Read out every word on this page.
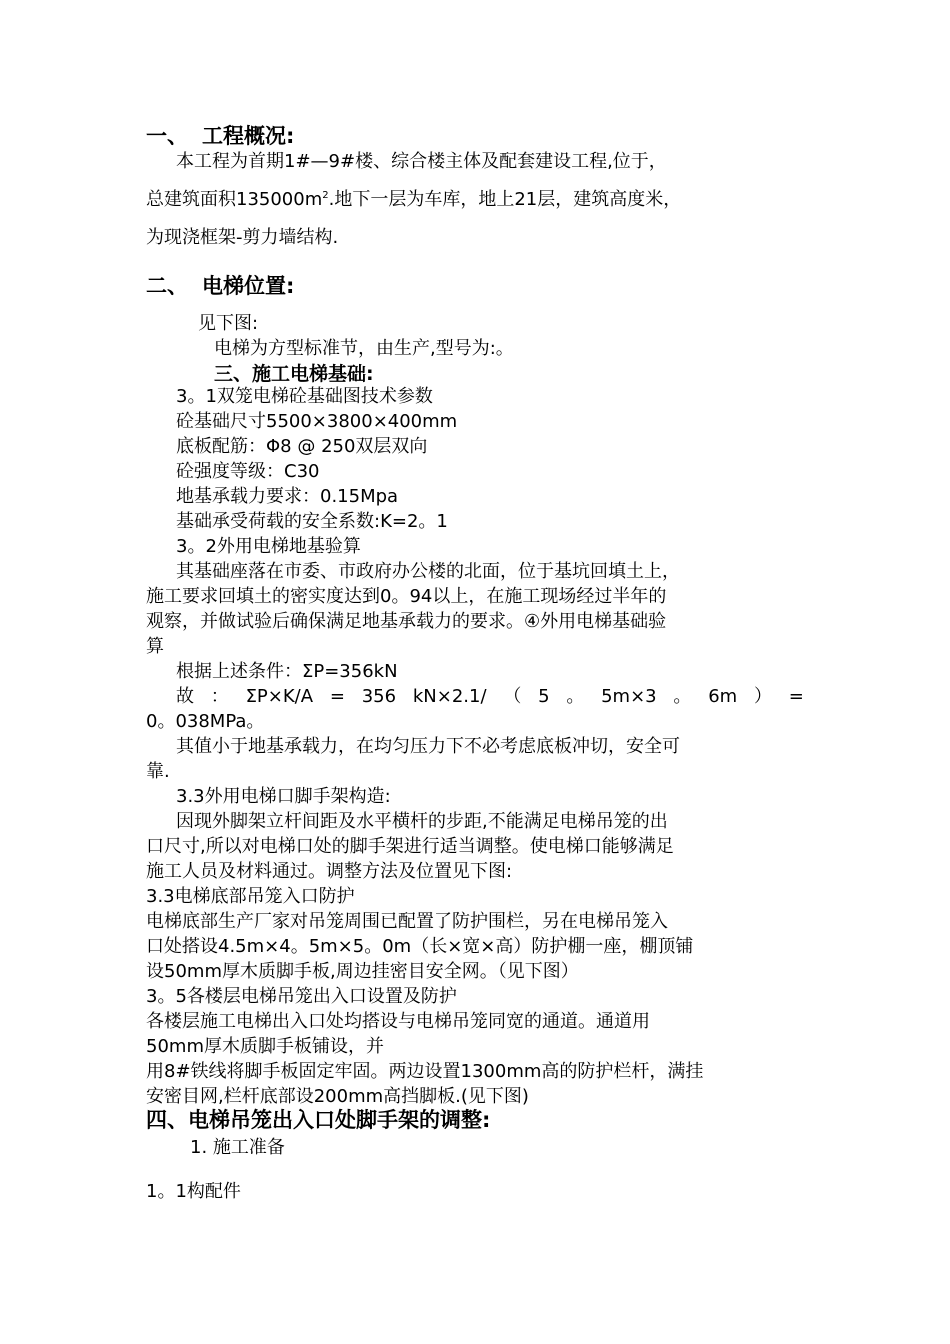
一、 工程概况:
本工程为首期1#—9#楼、综合楼主体及配套建设工程,位于，
总建筑面积$135000m^2$.地下一层为车库，地上21层，建筑高度米，
为现浇框架-剪力墙结构.
二、 电梯位置:
见下图:
电梯为方型标准节，由生产,型号为:。
三、施工电梯基础:
3。1双笼电梯砼基础图技术参数
砼基础尺寸5500×3800×400mm
底板配筋：Φ8 @ 250双层双向
砼强度等级：C30
地基承载力要求：0.15Mpa
基础承受荷载的安全系数:K=2。1
3。2外用电梯地基验算
其基础座落在市委、市政府办公楼的北面，位于基坑回填土上，
施工要求回填土的密实度达到0。94以上，在施工现场经过半年的
观察，并做试验后确保满足地基承载力的要求。④外用电梯基础验
算
根据上述条件：ΣP=356kN
故 ： ΣP×K/A = 356 kN×2.1/ （ 5 。 5m×3 。 6m ） =
0。038MPa。
其值小于地基承载力，在均匀压力下不必考虑底板冲切，安全可
靠.
3.3外用电梯口脚手架构造:
因现外脚架立杆间距及水平横杆的步距,不能满足电梯吊笼的出
口尺寸,所以对电梯口处的脚手架进行适当调整。使电梯口能够满足
施工人员及材料通过。调整方法及位置见下图:
3.3电梯底部吊笼入口防护
电梯底部生产厂家对吊笼周围已配置了防护围栏，另在电梯吊笼入
口处搭设4.5m×4。5m×5。0m（长×宽×高）防护棚一座，棚顶铺
设50mm厚木质脚手板,周边挂密目安全网。（见下图）
3。5各楼层电梯吊笼出入口设置及防护
各楼层施工电梯出入口处均搭设与电梯吊笼同宽的通道。通道用
50mm厚木质脚手板铺设，并
用8#铁线将脚手板固定牢固。两边设置1300mm高的防护栏杆，满挂
安密目网,栏杆底部设200mm高挡脚板.(见下图)
四、电梯吊笼出入口处脚手架的调整:
1. 施工准备
1。1构配件
